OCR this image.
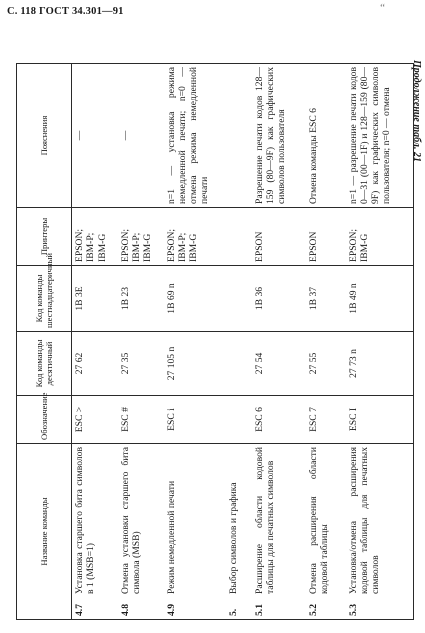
С. 118 ГОСТ 34.301—91	“
Продолжение табл. 21
Название команды	Обозначение	Код команды десятичный	Код команды шестнадцатеричный	Принтеры	Пояснения

4.7
Установка старшего бита символов в 1 (MSB=1)	ESC >	27 62	1B 3E	EPSON; IBM-P; IBM-G	—

4.8
Отмена установки старшего бита символа (MSB)	ESC #	27 35	1B 23	EPSON; IBM-P; IBM-G	—

4.9
Режим немедленной печати	ESC i	27 105 n	1B 69 n	EPSON; IBM-P; IBM-G	n=1 — установка режима немедленной печати; n=0 — отмена режима немедленной печати

5.
Выбор символов и графика					

5.1
Расширение области кодовой таблицы для печатных символов	ESC 6	27 54	1B 36	EPSON	Разрешение печати кодов 128—159 (80—9F) как графических символов пользователя

5.2
Отмена расширения области кодовой таблицы	ESC 7	27 55	1B 37	EPSON	Отмена команды ESC 6

5.3
Установка/отмена расширения кодовой таблицы для печатных символов	ESC I	27 73 n	1B 49 n	EPSON; IBM-G	n=1 — разрешение печати кодов 0—31 (00—1F) и 128—159 (80—9F) как графических символов пользователя; n=0 — отмена
